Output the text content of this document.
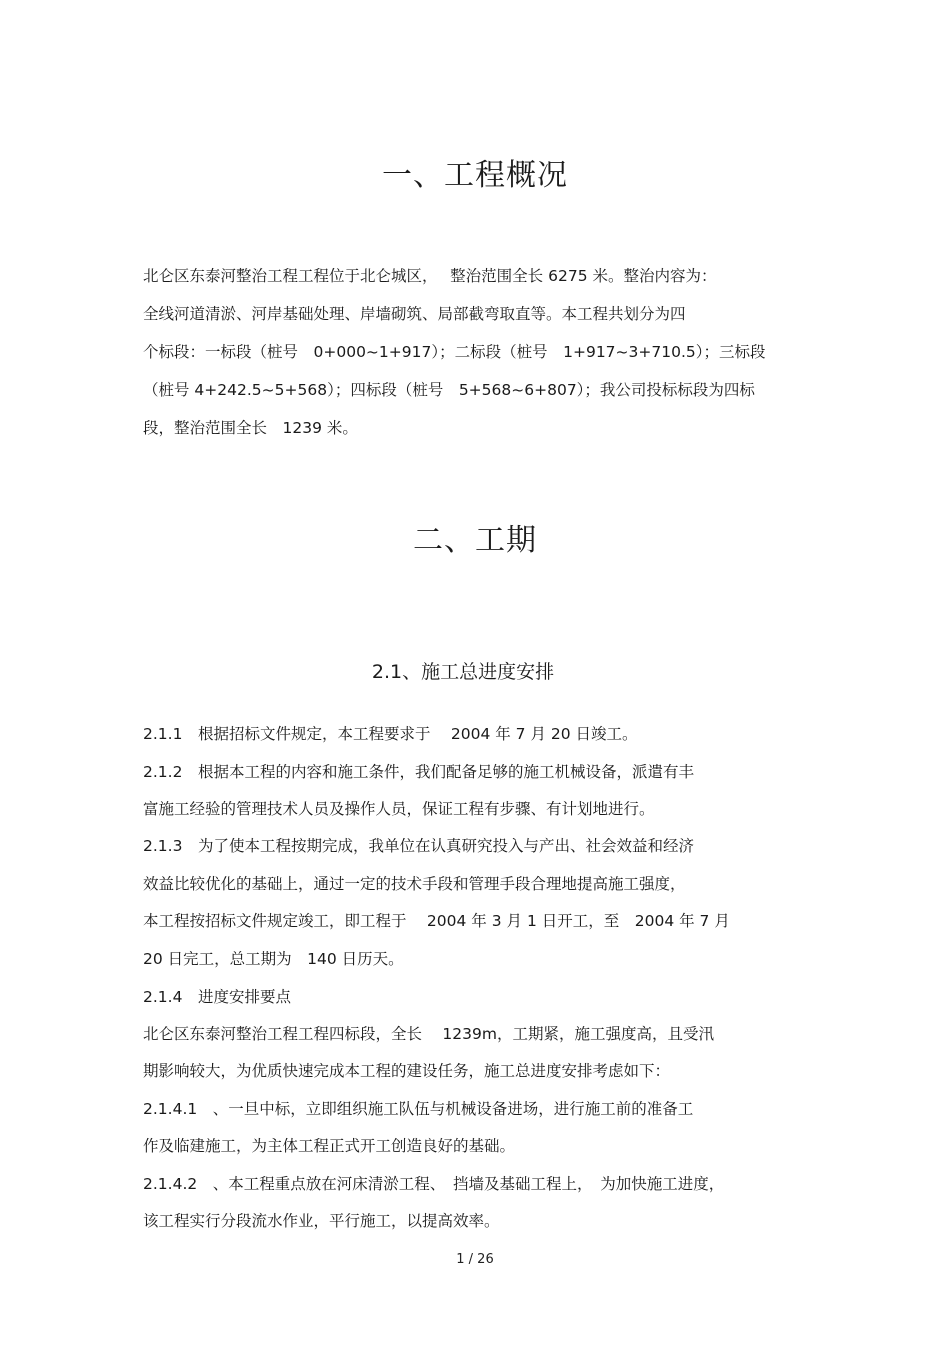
一、工程概况

北仑区东泰河整治工程工程位于北仑城区，　 整治范围全长 6275 米。整治内容为：

全线河道清淤、河岸基础处理、岸墙砌筑、局部截弯取直等。本工程共划分为四

个标段：一标段（桩号　0+000~1+917）；二标段（桩号　1+917~3+710.5）；三标段

（桩号 4+242.5~5+568）；四标段（桩号　5+568~6+807）；我公司投标标段为四标

段，整治范围全长　1239 米。

二、工期
2.1、施工总进度安排

2.1.1　根据招标文件规定，本工程要求于　 2004 年 7 月 20 日竣工。

2.1.2　根据本工程的内容和施工条件，我们配备足够的施工机械设备，派遣有丰

富施工经验的管理技术人员及操作人员，保证工程有步骤、有计划地进行。

2.1.3　为了使本工程按期完成，我单位在认真研究投入与产出、社会效益和经济

效益比较优化的基础上，通过一定的技术手段和管理手段合理地提高施工强度，

本工程按招标文件规定竣工，即工程于　 2004 年 3 月 1 日开工，至　2004 年 7 月

20 日完工，总工期为　140 日历天。

2.1.4　进度安排要点

北仑区东泰河整治工程工程四标段，全长　 1239m，工期紧，施工强度高，且受汛

期影响较大，为优质快速完成本工程的建设任务，施工总进度安排考虑如下：

2.1.4.1　、一旦中标，立即组织施工队伍与机械设备进场，进行施工前的准备工

作及临建施工，为主体工程正式开工创造良好的基础。

2.1.4.2　、本工程重点放在河床清淤工程、　挡墙及基础工程上，　为加快施工进度，

该工程实行分段流水作业，平行施工，以提高效率。

1 / 26
